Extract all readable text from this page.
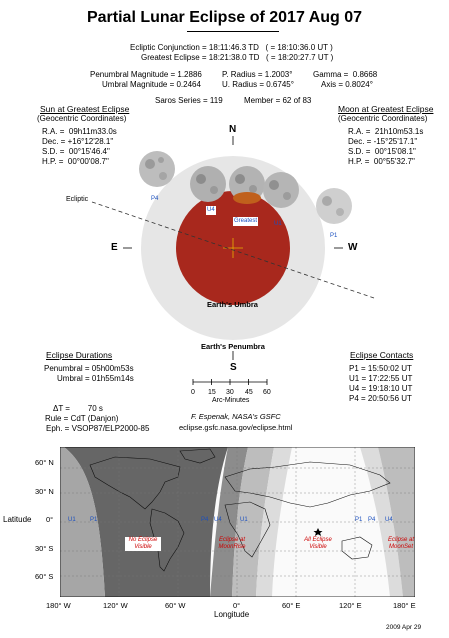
Partial Lunar Eclipse of 2017 Aug 07
Ecliptic Conjunction = 18:11:46.3 TD   ( = 18:10:36.0 UT )
Greatest Eclipse = 18:21:38.0 TD   ( = 18:20:27.7 UT )
Penumbral Magnitude = 1.2886
Umbral Magnitude = 0.2464
P. Radius = 1.2003°
U. Radius = 0.6745°
Gamma =  0.8668
Axis = 0.8024°
Saros Series = 119	Member = 62 of 83
Sun at Greatest Eclipse
(Geocentric Coordinates)
R.A. =  09h11m33.0s
Dec. = +16°12'28.1"
S.D. =  00°15'46.4"
H.P. =  00°00'08.7"
Moon at Greatest Eclipse
(Geocentric Coordinates)
R.A. =  21h10m53.1s
Dec. = -15°25'17.1"
S.D. =  00°15'08.1"
H.P. =  00°55'32.7"
N
S
E	W
Ecliptic
Earth's Umbra
Earth's Penumbra
P4
U4
Greatest	U1
P1
Eclipse Durations
Penumbral = 05h00m53s
Umbral = 01h55m14s
0 15 30 45 60
Arc-Minutes
F. Espenak, NASA's GSFC
eclipse.gsfc.nasa.gov/eclipse.html
Eclipse Contacts
P1 = 15:50:02 UT
U1 = 17:22:55 UT
U4 = 19:18:10 UT
P4 = 20:50:56 UT
ΔT =        70 s
Rule = CdT (Danjon)
Eph. = VSOP87/ELP2000-85
U1 P1	P4 U4	U1	P1 P4 U4
No Eclipse Visible
Eclipse at MoonRise
All Eclipse Visible
Eclipse at MoonSet
Latitude
60° N
30° N
0°
30° S
60° S
180° W	120° W	60° W	0°	60° E	120° E	180° E
Longitude
2009 Apr 29
